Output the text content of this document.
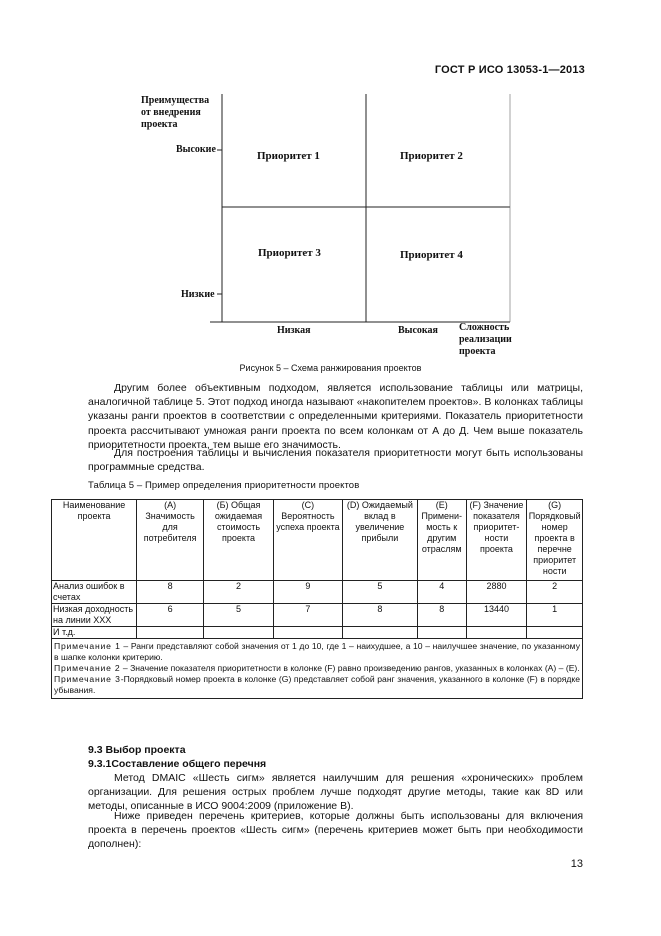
ГОСТ Р ИСО 13053-1—2013
Преимущества
от внедрения
проекта
Высокие
Низкие
Низкая	Высокая Сложность
реализации
проекта
Приоритет 1	Приоритет 2
Приоритет 3	Приоритет 4
Рисунок 5 – Схема ранжирования проектов
Другим более объективным подходом, является использование таблицы или матрицы, аналогичной таблице 5. Этот подход иногда называют «накопителем проектов». В колонках таблицы указаны ранги проектов в соответствии с определенными критериями. Показатель приоритетности проекта рассчитывают умножая ранги проекта по всем колонкам от А до Д. Чем выше показатель приоритетности проекта, тем выше его значимость.
Для построения таблицы и вычисления показателя приоритетности могут быть использованы программные средства.
Таблица 5 – Пример определения приоритетности проектов
Наименование проекта	(A) Значимость для потребителя	(Б) Общая ожидаемая стоимость проекта	(C) Вероятность успеха проекта	(D) Ожидаемый вклад в увеличение прибыли	(E) Примени-мость к другим отраслям	(F) Значение показателя приоритет-ности проекта	(G) Порядковый номер проекта в перечне приоритет ности
Анализ ошибок в счетах	8	2	9	5	4	2880	2
Низкая доходность на линии XXX	6	5	7	8	8	13440	1
И т.д.							

Примечание 1 – Ранги представляют собой значения от 1 до 10, где 1 – наихудшее, а 10 – наилучшее значение, по указанному в шапке колонки критерию.
Примечание 2 – Значение показателя приоритетности в колонке (F) равно произведению рангов, указанных в колонках (A) – (E).
Примечание 3-Порядковый номер проекта в колонке (G) представляет собой ранг значения, указанного в колонке (F) в порядке убывания.							
9.3 Выбор проекта
9.3.1Составление общего перечня
Метод DMAIC «Шесть сигм» является наилучшим для решения «хронических» проблем организации. Для решения острых проблем лучше подходят другие методы, такие как 8D или методы, описанные в ИСО 9004:2009 (приложение В).
Ниже приведен перечень критериев, которые должны быть использованы для включения проекта в перечень проектов «Шесть сигм» (перечень критериев может быть при необходимости дополнен):
13
